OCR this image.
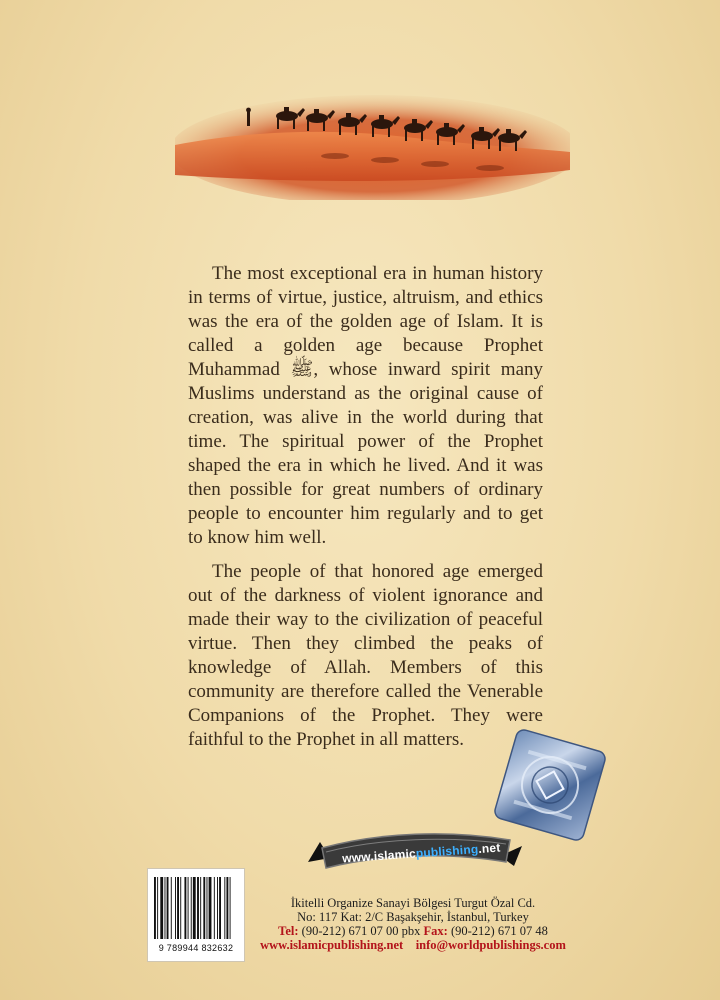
The most exceptional era in human history in terms of virtue, justice, altruism, and ethics was the era of the golden age of Islam. It is called a golden age because Prophet Muhammad ﷺ, whose inward spirit many Muslims understand as the original cause of creation, was alive in the world during that time. The spiritual power of the Prophet shaped the era in which he lived. And it was then possible for great numbers of ordinary people to encounter him regularly and to get to know him well.

The people of that honored age emerged out of the darkness of violent ignorance and made their way to the civilization of peaceful virtue. Then they climbed the peaks of knowledge of Allah. Members of this community are therefore called the Venerable Companions of the Prophet. They were faithful to the Prophet in all matters.

www.islamicpublishing.net
9 789944 832632
İkitelli Organize Sanayi Bölgesi Turgut Özal Cd.
No: 117 Kat: 2/C Başakşehir, İstanbul, Turkey
Tel: (90-212) 671 07 00 pbx Fax: (90-212) 671 07 48
www.islamicpublishing.net info@worldpublishings.com
